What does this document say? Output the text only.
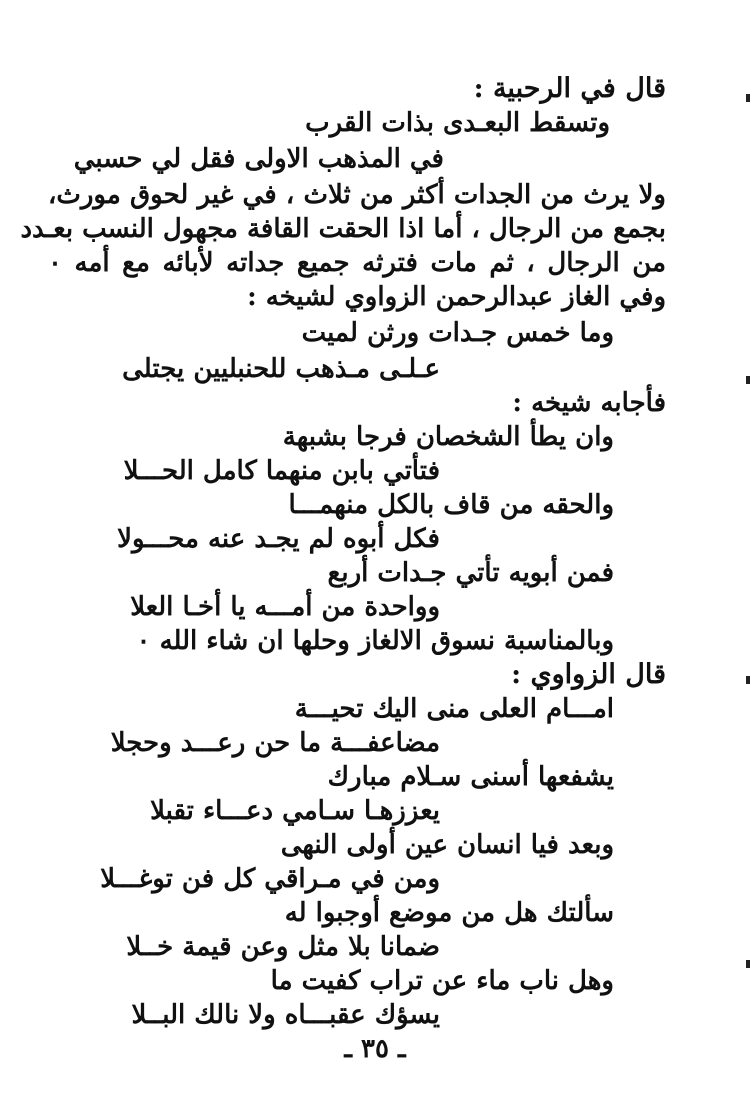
قال في الرحبية :
وتسقط البعـدى بذات القرب
في المذهب الاولى فقل لي حسبي
ولا يرث من الجدات أكثر من ثلاث ، في غير لحوق مورث،
بجمع من الرجال ، أما اذا الحقت القافة مجهول النسب بعـدد
من الرجال ، ثم مات فترثه جميع جداته لأبائه مع أمه ٠
وفي الغاز عبدالرحمن الزواوي لشيخه :
وما خمس جـدات ورثن لميت
عـلـى مـذهب للحنبليين يجتلى
فأجابه شيخه :
وان يطأ الشخصان فرجا بشبهة
فتأتي بابن منهما كامل الحـــلا
والحقه من قاف بالكل منهمـــا
فكل أبوه لم يجـد عنه محـــولا
فمن أبويه تأتي جـدات أربع
وواحدة من أمـــه يا أخـا العلا
وبالمناسبة نسوق الالغاز وحلها ان شاء الله ٠
قال الزواوي :
امـــام العلى منى اليك تحيـــة
مضاعفـــة ما حن رعـــد وحجلا
يشفعها أسنى سـلام مبارك
يعززهـا سـامي دعـــاء تقبلا
وبعد فيا انسان عين أولى النهى
ومن في مـراقي كل فن توغـــلا
سألتك هل من موضع أوجبوا له
ضمانا بلا مثل وعن قيمة خــلا
وهل ناب ماء عن تراب كفيت ما
يسؤك عقبـــاه ولا نالك البــلا
ـ ٣٥ ـ
